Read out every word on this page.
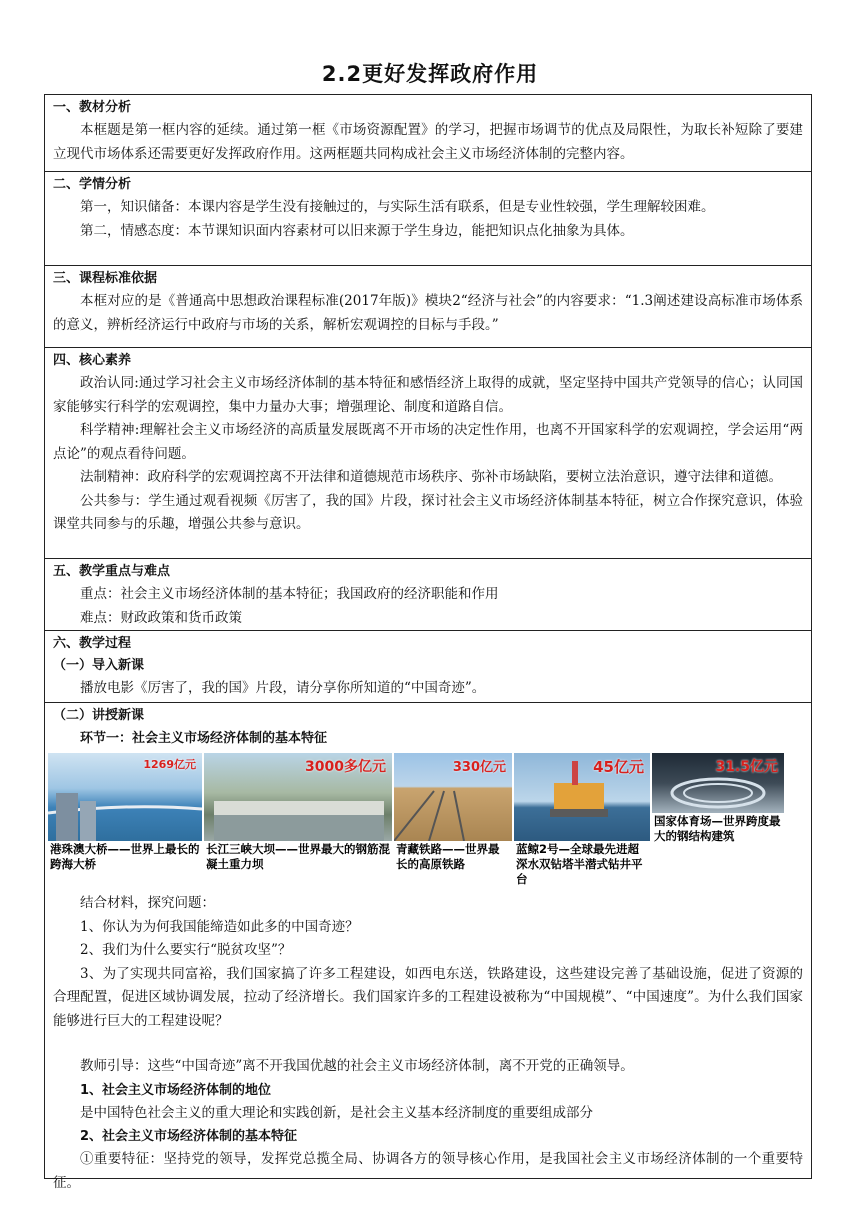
2.2更好发挥政府作用
一、教材分析
本框题是第一框内容的延续。通过第一框《市场资源配置》的学习，把握市场调节的优点及局限性，为取长补短除了要建立现代市场体系还需要更好发挥政府作用。这两框题共同构成社会主义市场经济体制的完整内容。
二、学情分析
第一，知识储备：本课内容是学生没有接触过的，与实际生活有联系，但是专业性较强，学生理解较困难。
第二，情感态度：本节课知识面内容素材可以旧来源于学生身边，能把知识点化抽象为具体。
三、课程标准依据
本框对应的是《普通高中思想政治课程标准(2017年版)》模块2“经济与社会”的内容要求：“1.3阐述建设高标准市场体系的意义，辨析经济运行中政府与市场的关系，解析宏观调控的目标与手段。”
四、核心素养
政治认同:通过学习社会主义市场经济体制的基本特征和感悟经济上取得的成就，坚定坚持中国共产党领导的信心；认同国家能够实行科学的宏观调控，集中力量办大事；增强理论、制度和道路自信。
科学精神:理解社会主义市场经济的高质量发展既离不开市场的决定性作用，也离不开国家科学的宏观调控，学会运用“两点论”的观点看待问题。
法制精神：政府科学的宏观调控离不开法律和道德规范市场秩序、弥补市场缺陷，要树立法治意识，遵守法律和道德。
公共参与：学生通过观看视频《厉害了，我的国》片段，探讨社会主义市场经济体制基本特征，树立合作探究意识，体验课堂共同参与的乐趣，增强公共参与意识。
五、教学重点与难点
重点：社会主义市场经济体制的基本特征；我国政府的经济职能和作用
难点：财政政策和货币政策
六、教学过程
（一）导入新课
播放电影《厉害了，我的国》片段，请分享你所知道的“中国奇迹”。
（二）讲授新课
环节一：社会主义市场经济体制的基本特征
1269亿元
港珠澳大桥——世界上最长的跨海大桥
3000多亿元
长江三峡大坝——世界最大的钢筋混凝土重力坝
330亿元
青藏铁路——世界最长的高原铁路
45亿元
蓝鲸2号—全球最先进超深水双钻塔半潜式钻井平台
31.5亿元
国家体育场—世界跨度最大的钢结构建筑
结合材料，探究问题：
1、你认为为何我国能缔造如此多的中国奇迹？
2、我们为什么要实行“脱贫攻坚”？
3、为了实现共同富裕，我们国家搞了许多工程建设，如西电东送，铁路建设，这些建设完善了基础设施，促进了资源的合理配置，促进区域协调发展，拉动了经济增长。我们国家许多的工程建设被称为“中国规模”、“中国速度”。为什么我们国家能够进行巨大的工程建设呢？
教师引导：这些“中国奇迹”离不开我国优越的社会主义市场经济体制，离不开党的正确领导。
1、社会主义市场经济体制的地位
是中国特色社会主义的重大理论和实践创新，是社会主义基本经济制度的重要组成部分
2、社会主义市场经济体制的基本特征
①重要特征：坚持党的领导，发挥党总揽全局、协调各方的领导核心作用，是我国社会主义市场经济体制的一个重要特征。
